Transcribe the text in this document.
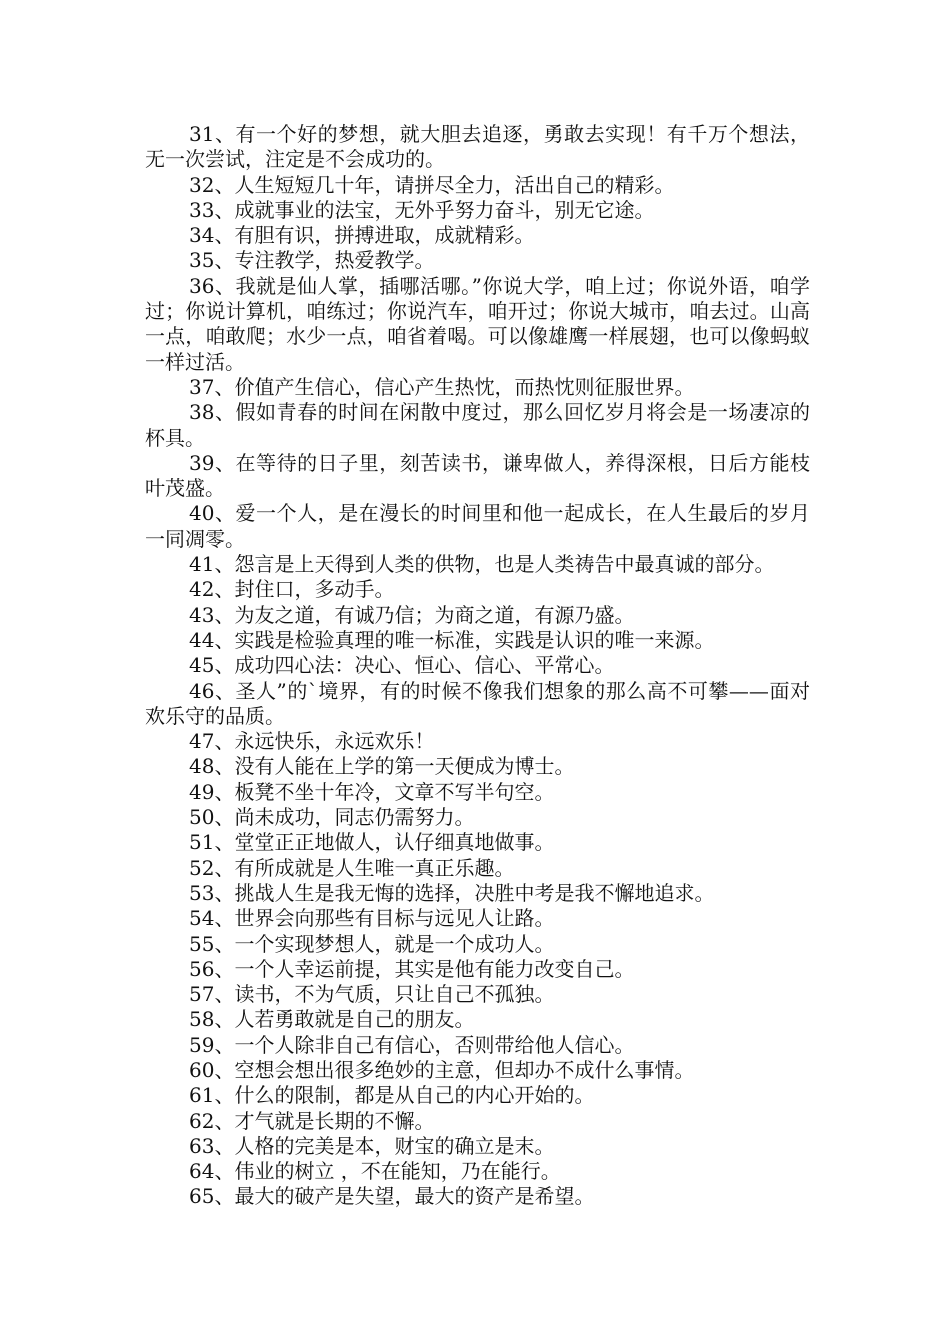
31、有一个好的梦想，就大胆去追逐，勇敢去实现！有千万个想法，无一次尝试，注定是不会成功的。

32、人生短短几十年，请拼尽全力，活出自己的精彩。

33、成就事业的法宝，无外乎努力奋斗，别无它途。

34、有胆有识，拼搏进取，成就精彩。

35、专注教学，热爱教学。

36、我就是仙人掌，插哪活哪。”你说大学，咱上过；你说外语，咱学过；你说计算机，咱练过；你说汽车，咱开过；你说大城市，咱去过。山高一点，咱敢爬；水少一点，咱省着喝。可以像雄鹰一样展翅，也可以像蚂蚁一样过活。

37、价值产生信心，信心产生热忱，而热忱则征服世界。

38、假如青春的时间在闲散中度过，那么回忆岁月将会是一场凄凉的杯具。

39、在等待的日子里，刻苦读书，谦卑做人，养得深根，日后方能枝叶茂盛。

40、爱一个人，是在漫长的时间里和他一起成长，在人生最后的岁月一同凋零。

41、怨言是上天得到人类的供物，也是人类祷告中最真诚的部分。

42、封住口，多动手。

43、为友之道，有诚乃信；为商之道，有源乃盛。

44、实践是检验真理的唯一标准，实践是认识的唯一来源。

45、成功四心法：决心、恒心、信心、平常心。

46、圣人”的`境界，有的时候不像我们想象的那么高不可攀——面对欢乐守的品质。

47、永远快乐，永远欢乐！

48、没有人能在上学的第一天便成为博士。

49、板凳不坐十年冷，文章不写半句空。

50、尚未成功，同志仍需努力。

51、堂堂正正地做人，认仔细真地做事。

52、有所成就是人生唯一真正乐趣。

53、挑战人生是我无悔的选择，决胜中考是我不懈地追求。

54、世界会向那些有目标与远见人让路。

55、一个实现梦想人，就是一个成功人。

56、一个人幸运前提，其实是他有能力改变自己。

57、读书，不为气质，只让自己不孤独。

58、人若勇敢就是自己的朋友。

59、一个人除非自己有信心，否则带给他人信心。

60、空想会想出很多绝妙的主意，但却办不成什么事情。

61、什么的限制，都是从自己的内心开始的。

62、才气就是长期的不懈。

63、人格的完美是本，财宝的确立是末。

64、伟业的树立 ，不在能知，乃在能行。

65、最大的破产是失望，最大的资产是希望。
